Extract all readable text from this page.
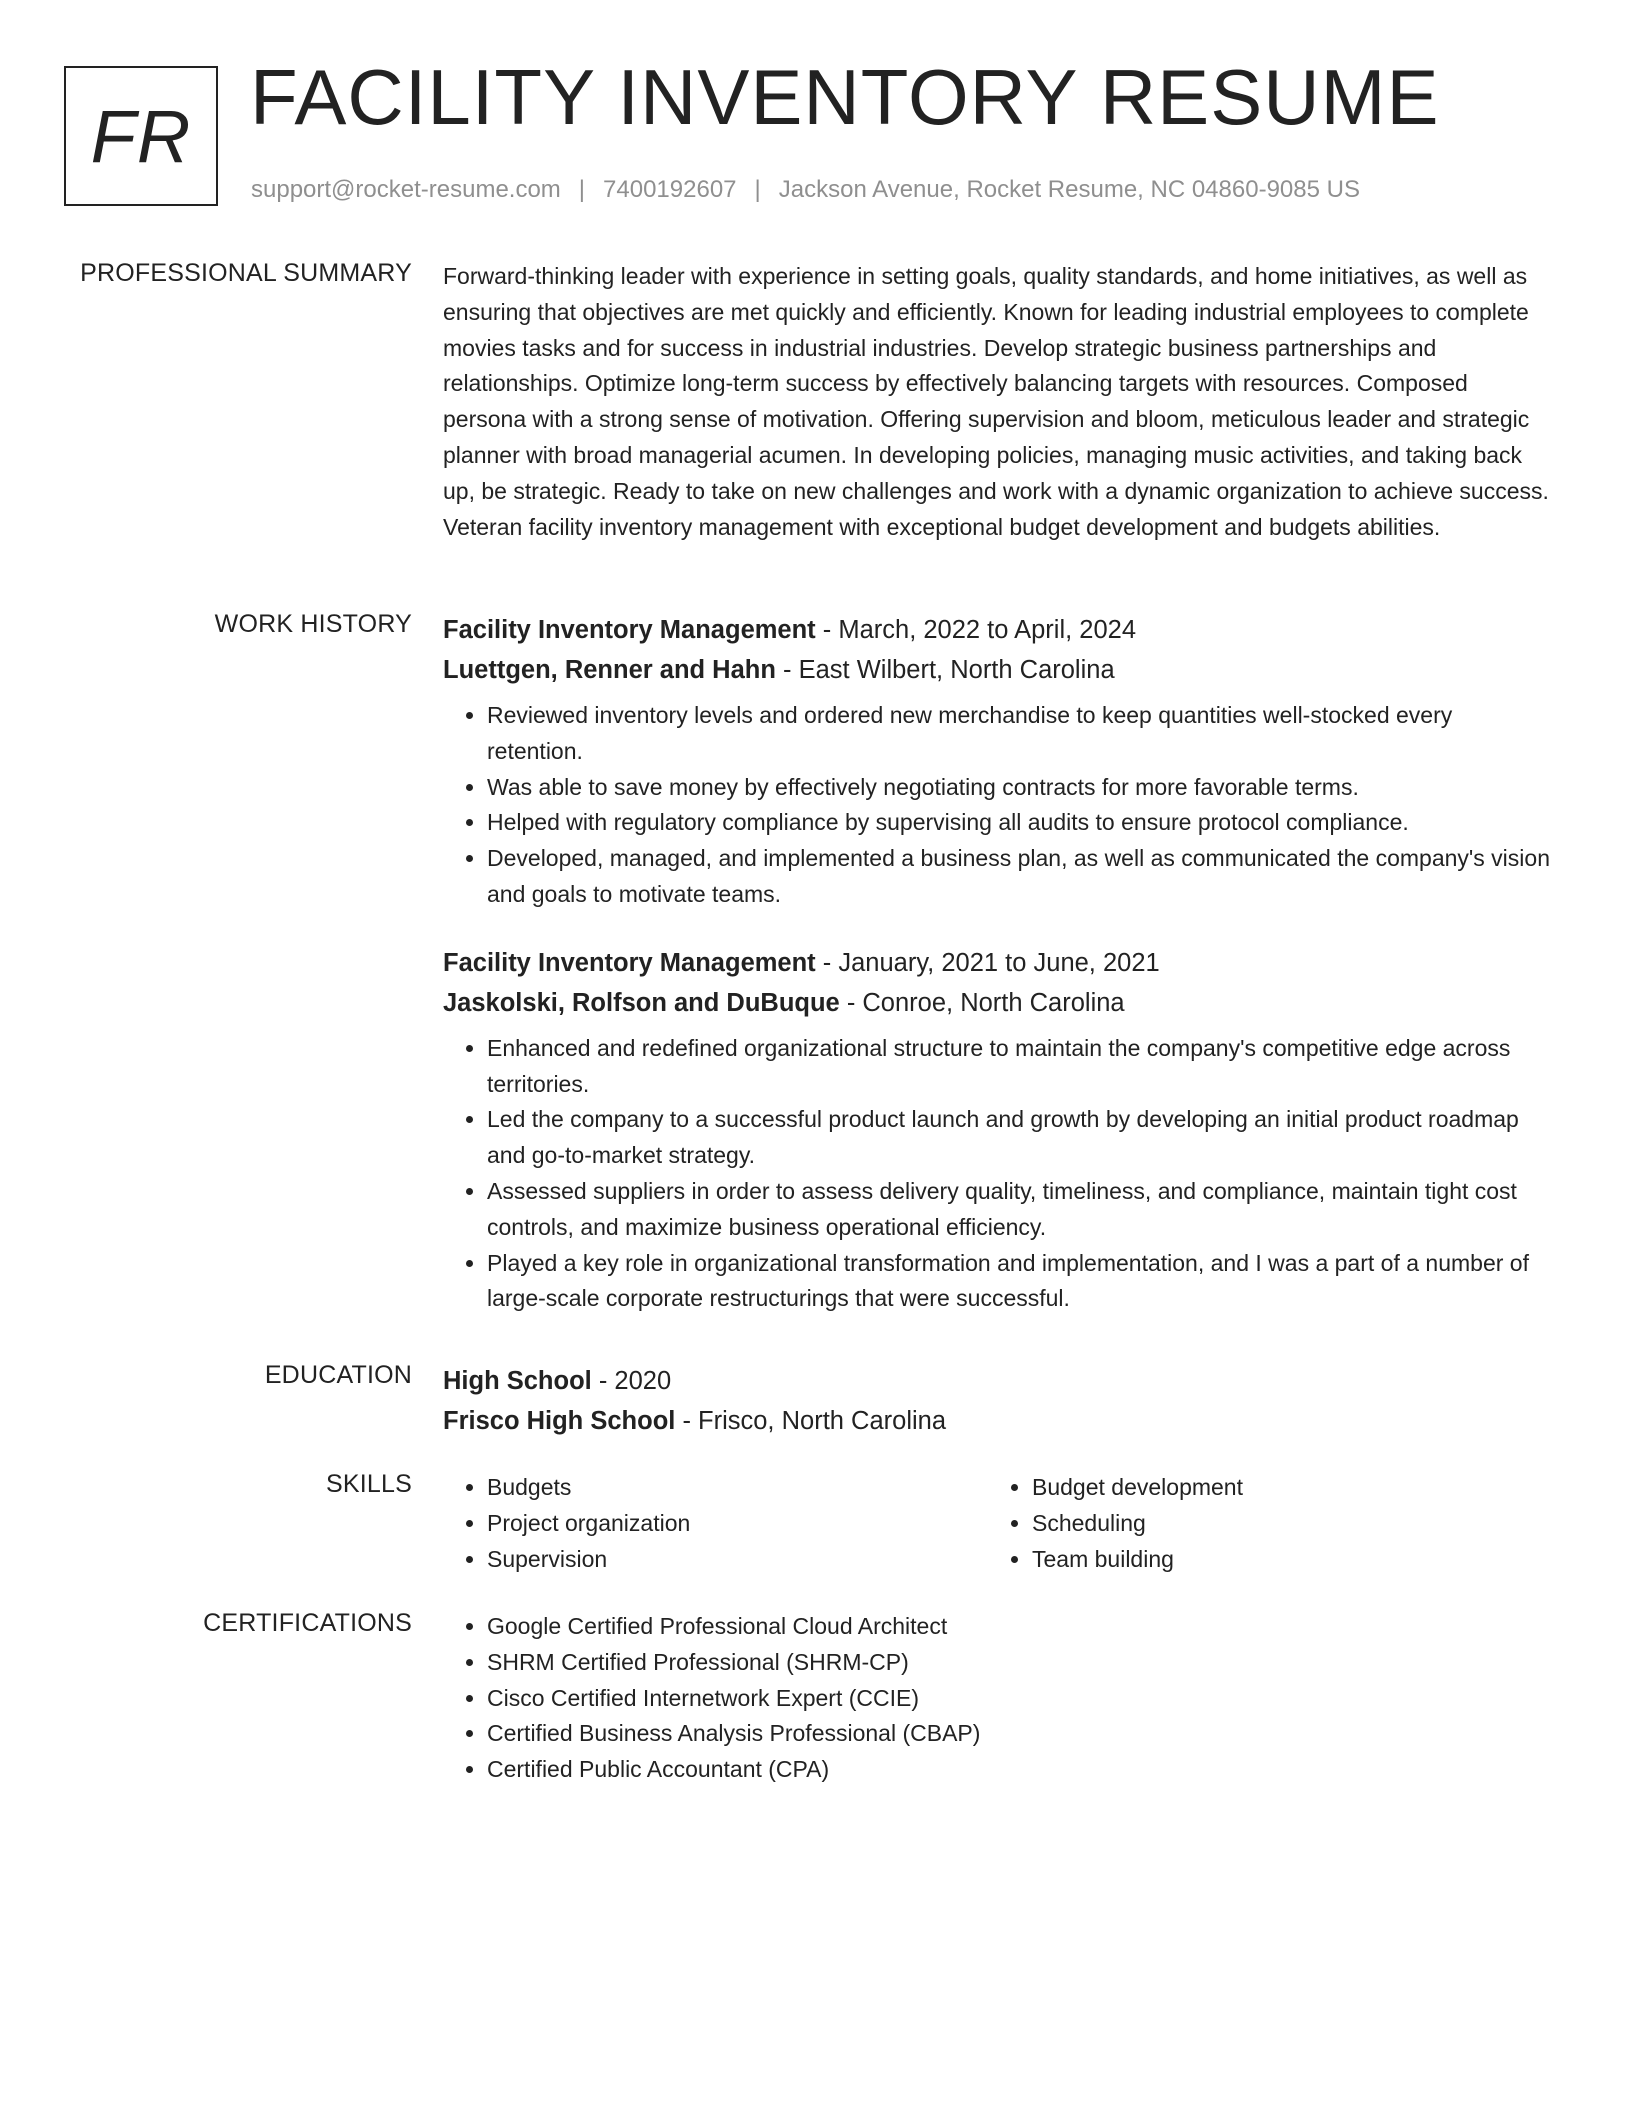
FR FACILITY INVENTORY RESUME
support@rocket-resume.com | 7400192607 | Jackson Avenue, Rocket Resume, NC 04860-9085 US
PROFESSIONAL SUMMARY Forward-thinking leader with experience in setting goals, quality standards, and home initiatives, as well as ensuring that objectives are met quickly and efficiently. Known for leading industrial employees to complete movies tasks and for success in industrial industries. Develop strategic business partnerships and relationships. Optimize long-term success by effectively balancing targets with resources. Composed persona with a strong sense of motivation. Offering supervision and bloom, meticulous leader and strategic planner with broad managerial acumen. In developing policies, managing music activities, and taking back up, be strategic. Ready to take on new challenges and work with a dynamic organization to achieve success. Veteran facility inventory management with exceptional budget development and budgets abilities.

WORK HISTORY Facility Inventory Management - March, 2022 to April, 2024
Luettgen, Renner and Hahn - East Wilbert, North Carolina
• Reviewed inventory levels and ordered new merchandise to keep quantities well-stocked every retention.
• Was able to save money by effectively negotiating contracts for more favorable terms.
• Helped with regulatory compliance by supervising all audits to ensure protocol compliance.
• Developed, managed, and implemented a business plan, as well as communicated the company's vision and goals to motivate teams.
Facility Inventory Management - January, 2021 to June, 2021
Jaskolski, Rolfson and DuBuque - Conroe, North Carolina
• Enhanced and redefined organizational structure to maintain the company's competitive edge across territories.
• Led the company to a successful product launch and growth by developing an initial product roadmap and go-to-market strategy.
• Assessed suppliers in order to assess delivery quality, timeliness, and compliance, maintain tight cost controls, and maximize business operational efficiency.
• Played a key role in organizational transformation and implementation, and I was a part of a number of large-scale corporate restructurings that were successful.
EDUCATION High School - 2020
Frisco High School - Frisco, North Carolina
SKILLS	• Budgets
• Project organization
• Supervision
• Budget development
• Scheduling
• Team building
CERTIFICATIONS	• Google Certified Professional Cloud Architect
• SHRM Certified Professional (SHRM-CP)
• Cisco Certified Internetwork Expert (CCIE)
• Certified Business Analysis Professional (CBAP)
• Certified Public Accountant (CPA)
